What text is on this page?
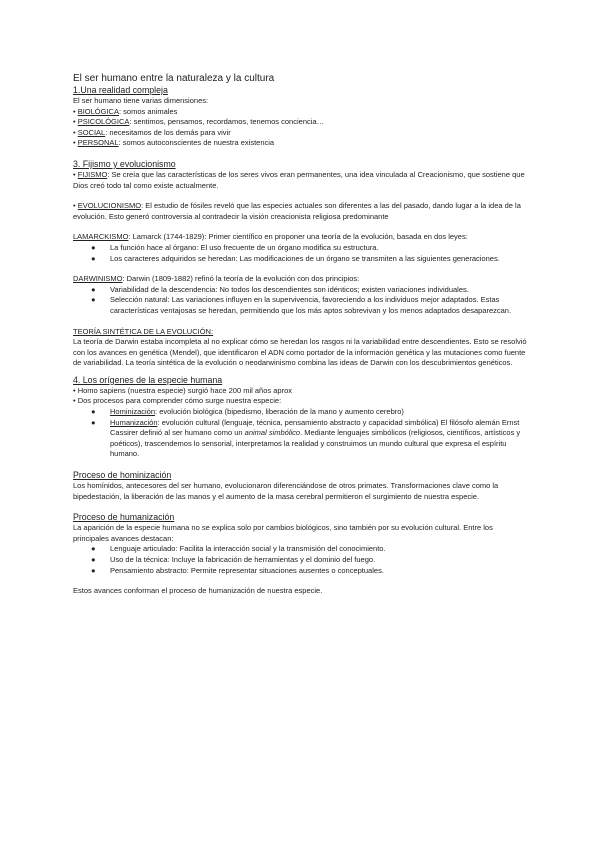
El ser humano entre la naturaleza y la cultura

1.Una realidad compleja

El ser humano tiene varias dimensiones:

• BIOLÓGICA: somos animales

• PSICOLÓGICA: sentimos, pensamos, recordamos, tenemos conciencia…

• SOCIAL: necesitamos de los demás para vivir

• PERSONAL: somos autoconscientes de nuestra existencia

3. Fijismo y evolucionismo

• FIJISMO: Se creía que las características de los seres vivos eran permanentes, una idea vinculada al Creacionismo, que sostiene que Dios creó todo tal como existe actualmente.

• EVOLUCIONISMO: El estudio de fósiles reveló que las especies actuales son diferentes a las del pasado, dando lugar a la idea de la evolución. Esto generó controversia al contradecir la visión creacionista religiosa predominante

LAMARCKISMO: Lamarck (1744-1829): Primer científico en proponer una teoría de la evolución, basada en dos leyes:

● La función hace al órgano: El uso frecuente de un órgano modifica su estructura.
● Los caracteres adquiridos se heredan: Las modificaciones de un órgano se transmiten a las siguientes generaciones.

DARWINISMO: Darwin (1809-1882) refinó la teoría de la evolución con dos principios:

● Variabilidad de la descendencia: No todos los descendientes son idénticos; existen variaciones individuales.
● Selección natural: Las variaciones influyen en la supervivencia, favoreciendo a los individuos mejor adaptados. Estas características ventajosas se heredan, permitiendo que los más aptos sobrevivan y los menos adaptados desaparezcan.

TEORÍA SINTÉTICA DE LA EVOLUCIÓN:

La teoría de Darwin estaba incompleta al no explicar cómo se heredan los rasgos ni la variabilidad entre descendientes. Esto se resolvió con los avances en genética (Mendel), que identificaron el ADN como portador de la información genética y las mutaciones como fuente de variabilidad. La teoría sintética de la evolución o neodarwinismo combina las ideas de Darwin con los descubrimientos genéticos.

4. Los orígenes de la especie humana

• Homo sapiens (nuestra especie) surgió hace 200 mil años aprox

• Dos procesos para comprender cómo surge nuestra especie:

● Hominización: evolución biológica (bipedismo, liberación de la mano y aumento cerebro)
● Humanización: evolución cultural (lenguaje, técnica, pensamiento abstracto y capacidad simbólica) El filósofo alemán Ernst Cassirer definió al ser humano como un animal simbólico. Mediante lenguajes simbólicos (religiosos, científicos, artísticos y poéticos), trascendemos lo sensorial, interpretamos la realidad y construimos un mundo cultural que expresa el espíritu humano.

Proceso de hominización

Los homínidos, antecesores del ser humano, evolucionaron diferenciándose de otros primates. Transformaciones clave como la bipedestación, la liberación de las manos y el aumento de la masa cerebral permitieron el surgimiento de nuestra especie.

Proceso de humanización

La aparición de la especie humana no se explica solo por cambios biológicos, sino también por su evolución cultural. Entre los principales avances destacan:

● Lenguaje articulado: Facilita la interacción social y la transmisión del conocimiento.
● Uso de la técnica: Incluye la fabricación de herramientas y el dominio del fuego.
● Pensamiento abstracto: Permite representar situaciones ausentes o conceptuales.

Estos avances conforman el proceso de humanización de nuestra especie.
